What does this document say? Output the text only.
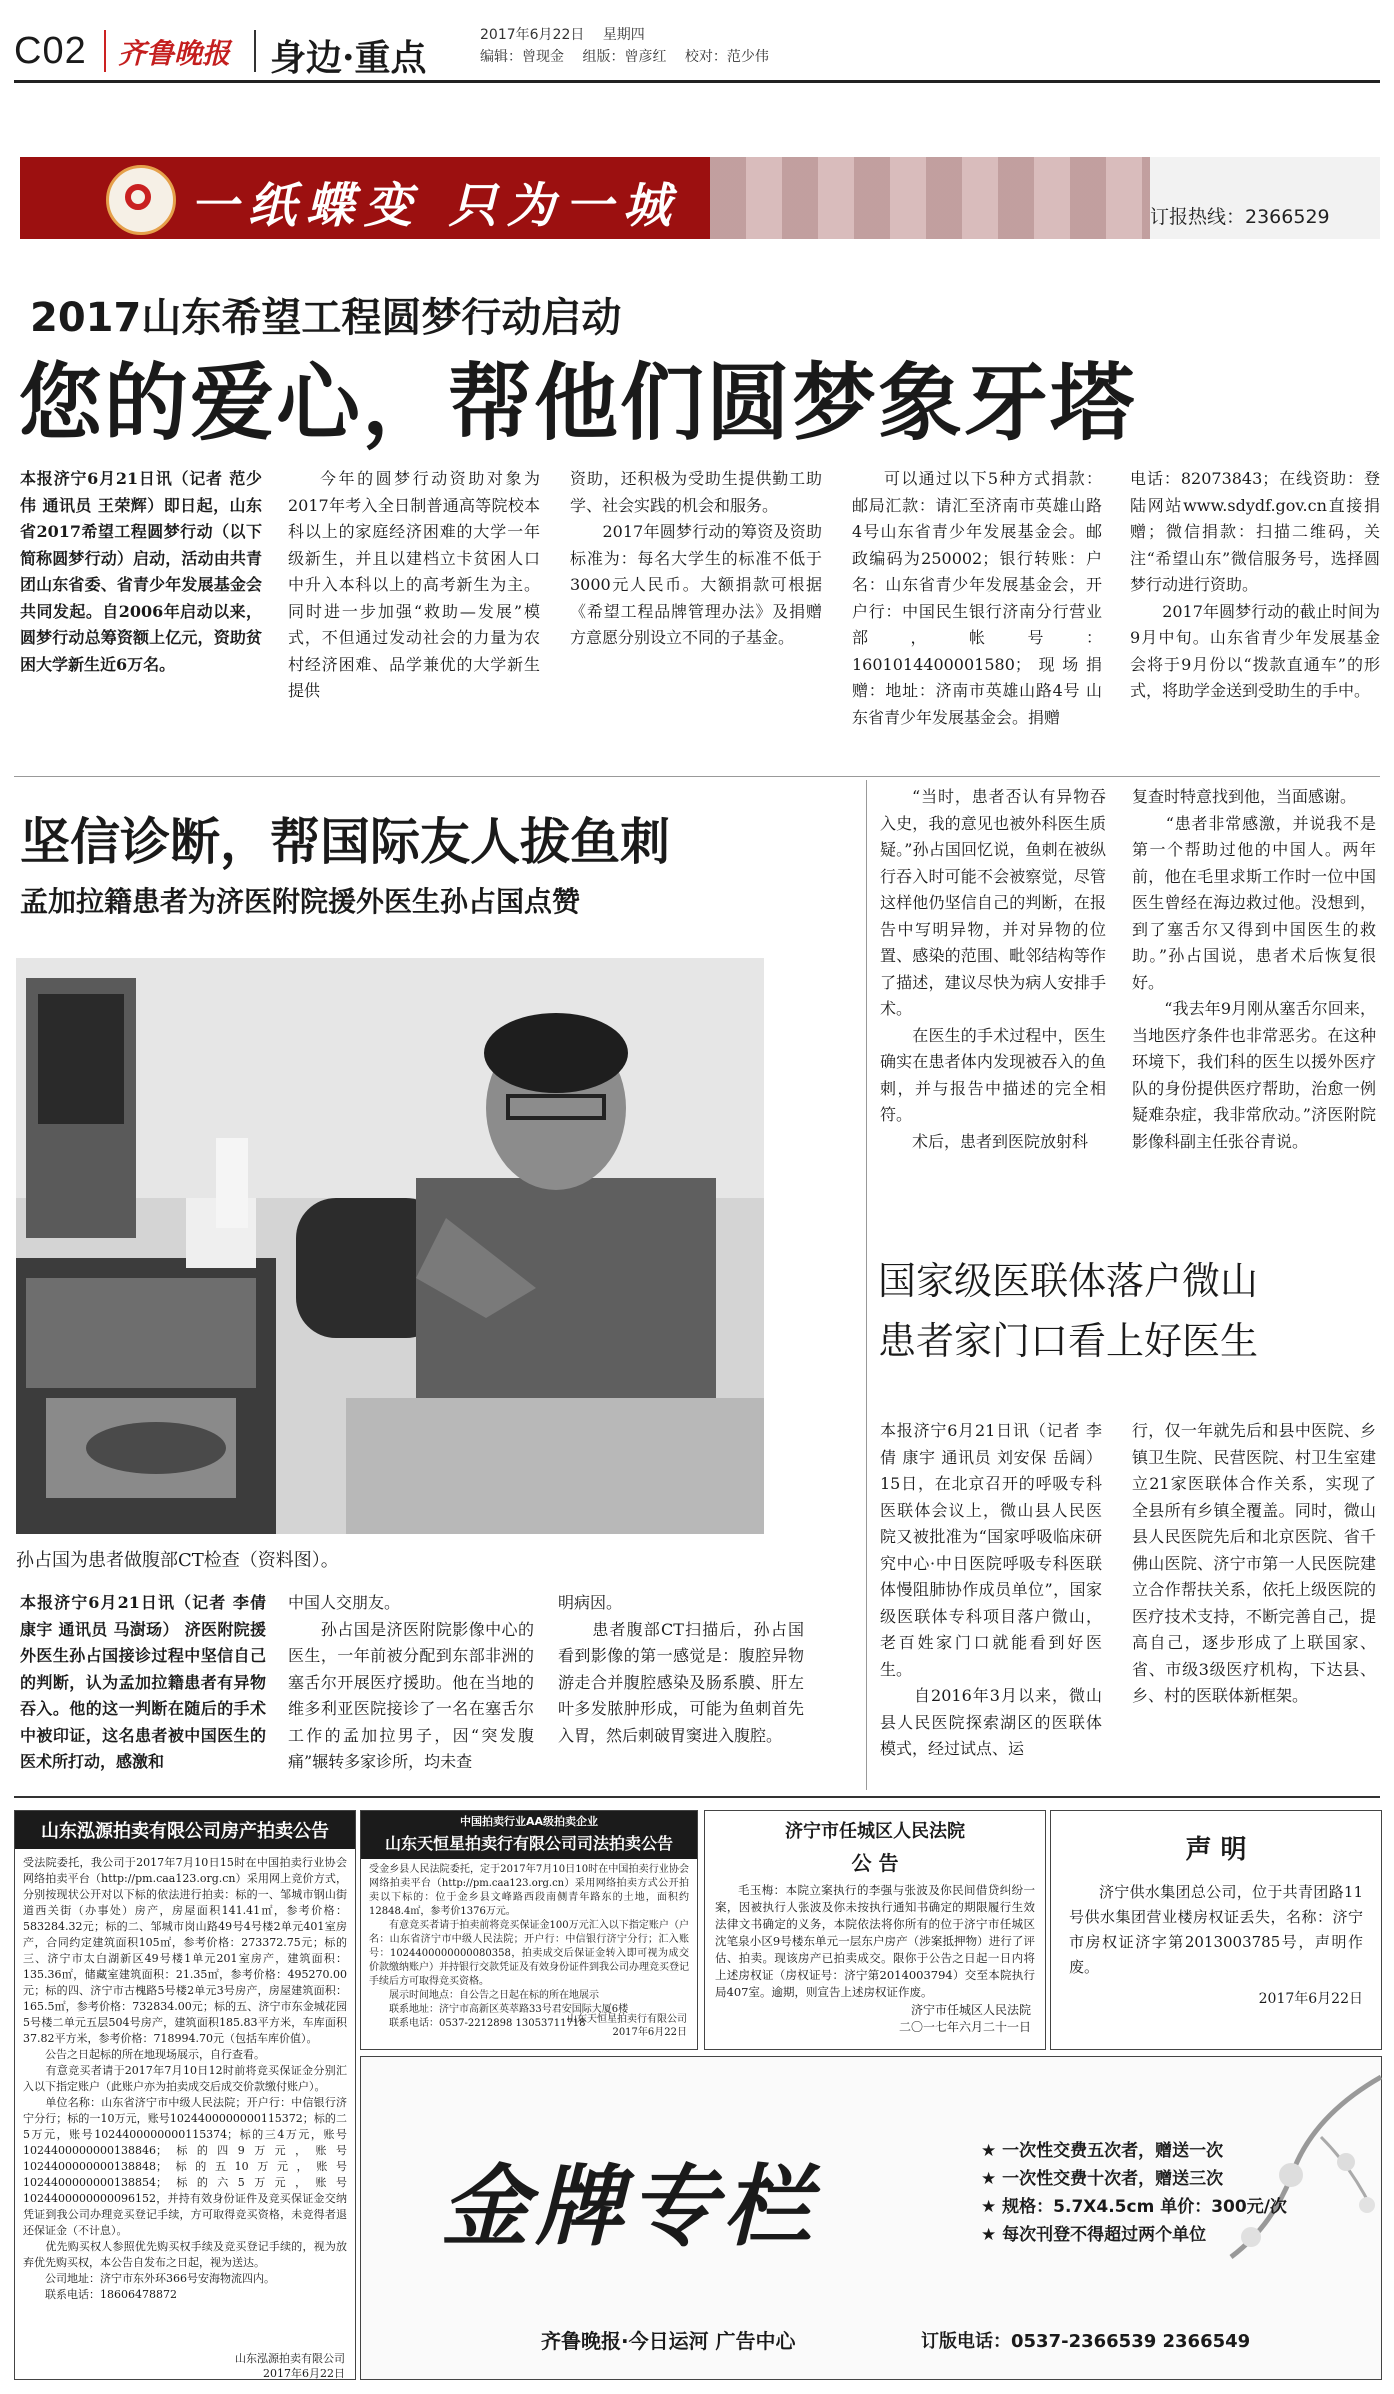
C02 齐鲁晚报 身边·重点
2017年6月22日 星期四
编辑：曾现金 组版：曾彦红 校对：范少伟
一纸蝶变 只为一城	订报热线：2366529
2017山东希望工程圆梦行动启动
您的爱心，帮他们圆梦象牙塔
本报济宁6月21日讯（记者 范少伟 通讯员 王荣辉）即日起，山东省2017希望工程圆梦行动（以下简称圆梦行动）启动，活动由共青团山东省委、省青少年发展基金会共同发起。自2006年启动以来，圆梦行动总筹资额上亿元，资助贫困大学新生近6万名。
今年的圆梦行动资助对象为2017年考入全日制普通高等院校本科以上的家庭经济困难的大学一年级新生，并且以建档立卡贫困人口中升入本科以上的高考新生为主。同时进一步加强“救助—发展”模式，不但通过发动社会的力量为农村经济困难、品学兼优的大学新生提供
资助，还积极为受助生提供勤工助学、社会实践的机会和服务。
　　2017年圆梦行动的筹资及资助标准为：每名大学生的标准不低于3000元人民币。大额捐款可根据《希望工程品牌管理办法》及捐赠方意愿分别设立不同的子基金。
可以通过以下5种方式捐款：邮局汇款：请汇至济南市英雄山路4号山东省青少年发展基金会。邮政编码为250002；银行转账：户名：山东省青少年发展基金会，开户行：中国民生银行济南分行营业部，帐号：1601014400001580；现场捐赠：地址：济南市英雄山路4号 山东省青少年发展基金会。捐赠
电话：82073843；在线资助：登陆网站www.sdydf.gov.cn直接捐赠；微信捐款：扫描二维码，关注“希望山东”微信服务号，选择圆梦行动进行资助。
　　2017年圆梦行动的截止时间为9月中旬。山东省青少年发展基金会将于9月份以“拨款直通车”的形式，将助学金送到受助生的手中。
坚信诊断，帮国际友人拔鱼刺
孟加拉籍患者为济医附院援外医生孙占国点赞
孙占国为患者做腹部CT检查（资料图）。
“当时，患者否认有异物吞入史，我的意见也被外科医生质疑。”孙占国回忆说，鱼刺在被纵行吞入时可能不会被察觉，尽管这样他仍坚信自己的判断，在报告中写明异物，并对异物的位置、感染的范围、毗邻结构等作了描述，建议尽快为病人安排手术。
　　在医生的手术过程中，医生确实在患者体内发现被吞入的鱼刺，并与报告中描述的完全相符。
　　术后，患者到医院放射科
复查时特意找到他，当面感谢。
　　“患者非常感激，并说我不是第一个帮助过他的中国人。两年前，他在毛里求斯工作时一位中国医生曾经在海边救过他。没想到，到了塞舌尔又得到中国医生的救助。”孙占国说，患者术后恢复很好。
　　“我去年9月刚从塞舌尔回来，当地医疗条件也非常恶劣。在这种环境下，我们科的医生以援外医疗队的身份提供医疗帮助，治愈一例疑难杂症，我非常欣动。”济医附院影像科副主任张谷青说。
本报济宁6月21日讯（记者 李倩 康宇 通讯员 马澍玚） 济医附院援外医生孙占国接诊过程中坚信自己的判断，认为孟加拉籍患者有异物吞入。他的这一判断在随后的手术中被印证，这名患者被中国医生的医术所打动，感激和
中国人交朋友。
　　孙占国是济医附院影像中心的医生，一年前被分配到东部非洲的塞舌尔开展医疗援助。他在当地的维多利亚医院接诊了一名在塞舌尔工作的孟加拉男子，因“突发腹痛”辗转多家诊所，均未查
明病因。
　　患者腹部CT扫描后，孙占国看到影像的第一感觉是：腹腔异物游走合并腹腔感染及肠系膜、肝左叶多发脓肿形成，可能为鱼刺首先入胃，然后刺破胃窦进入腹腔。
国家级医联体落户微山
患者家门口看上好医生
本报济宁6月21日讯（记者 李倩 康宇 通讯员 刘安保 岳阔） 15日，在北京召开的呼吸专科医联体会议上，微山县人民医院又被批准为“国家呼吸临床研究中心·中日医院呼吸专科医联体慢阻肺协作成员单位”，国家级医联体专科项目落户微山，老百姓家门口就能看到好医生。
　　自2016年3月以来，微山县人民医院探索湖区的医联体模式，经过试点、运
行，仅一年就先后和县中医院、乡镇卫生院、民营医院、村卫生室建立21家医联体合作关系，实现了全县所有乡镇全覆盖。同时，微山县人民医院先后和北京医院、省千佛山医院、济宁市第一人民医院建立合作帮扶关系，依托上级医院的医疗技术支持，不断完善自己，提高自己，逐步形成了上联国家、省、市级3级医疗机构，下达县、乡、村的医联体新框架。
山东泓源拍卖有限公司房产拍卖公告
受法院委托，我公司于2017年7月10日15时在中国拍卖行业协会网络拍卖平台（http://pm.caa123.org.cn）采用网上竞价方式，分别按现状公开对以下标的依法进行拍卖：标的一、邹城市钢山街道西关街（办事处）房产，房屋面积141.41㎡，参考价格：583284.32元；标的二、邹城市岗山路49号4号楼2单元401室房产，合同约定建筑面积105㎡，参考价格：273372.75元；标的三、济宁市太白湖新区49号楼1单元201室房产，建筑面积：135.36㎡，储藏室建筑面积：21.35㎡，参考价格：495270.00元；标的四、济宁市古槐路5号楼2单元3号房产，房屋建筑面积：165.5㎡，参考价格：732834.00元；标的五、济宁市东金城花园5号楼二单元五层504号房产，建筑面积185.83平方米，车库面积37.82平方米，参考价格：718994.70元（包括车库价值）。
　　公告之日起标的所在地现场展示，自行查看。
　　有意竞买者请于2017年7月10日12时前将竞买保证金分别汇入以下指定账户（此账户亦为拍卖成交后成交价款缴付账户）。
　　单位名称：山东省济宁市中级人民法院；开户行：中信银行济宁分行；标的一10万元，账号1024400000000115372；标的二5万元，账号1024400000000115374；标的三4万元，账号1024400000000138846；标的四9万元，账号1024400000000138848；标的五10万元，账号1024400000000138854；标的六5万元，账号1024400000000096152，并持有效身份证件及竞买保证金交纳凭证到我公司办理竞买登记手续，方可取得竞买资格，未竞得者退还保证金（不计息）。
　　优先购买权人参照优先购买权手续及竞买登记手续的，视为放弃优先购买权，本公告自发布之日起，视为送达。
　　公司地址：济宁市东外环366号安海物流四内。
　　联系电话：18606478872
山东泓源拍卖有限公司
2017年6月22日
中国拍卖行业AA级拍卖企业
山东天恒星拍卖行有限公司司法拍卖公告
受金乡县人民法院委托，定于2017年7月10日10时在中国拍卖行业协会网络拍卖平台（http://pm.caa123.org.cn）采用网络拍卖方式公开拍卖以下标的：位于金乡县文峰路西段南侧青年路东的土地，面积约12848.4㎡，参考价1376万元。
　　有意竞买者请于拍卖前将竞买保证金100万元汇入以下指定账户（户名：山东省济宁市中级人民法院；开户行：中信银行济宁分行；汇入账号：1024400000000080358，拍卖成交后保证金转入即可视为成交价款缴纳账户）并持银行交款凭证及有效身份证件到我公司办理竞买登记手续后方可取得竞买资格。
　　展示时间地点：自公告之日起在标的所在地展示
　　联系地址：济宁市高新区英萃路33号君安国际大厦6楼
　　联系电话：0537-2212898 13053711718
山东天恒星拍卖行有限公司
2017年6月22日
济宁市任城区人民法院
公 告
毛玉梅：本院立案执行的李强与张波及你民间借贷纠纷一案，因被执行人张波及你未按执行通知书确定的期限履行生效法律文书确定的义务，本院依法将你所有的位于济宁市任城区沈笔泉小区9号楼东单元一层东户房产（涉案抵押物）进行了评估、拍卖。现该房产已拍卖成交。限你于公告之日起一日内将上述房权证（房权证号：济宁第2014003794）交至本院执行局407室。逾期，则宣告上述房权证作废。
济宁市任城区人民法院
二〇一七年六月二十一日
声 明
济宁供水集团总公司，位于共青团路11号供水集团营业楼房权证丢失，名称：济宁市房权证济字第2013003785号，声明作废。
2017年6月22日
金牌专栏
★ 一次性交费五次者，赠送一次
★ 一次性交费十次者，赠送三次
★ 规格：5.7X4.5cm 单价：300元/次
★ 每次刊登不得超过两个单位
齐鲁晚报·今日运河 广告中心	订版电话：0537-2366539 2366549
